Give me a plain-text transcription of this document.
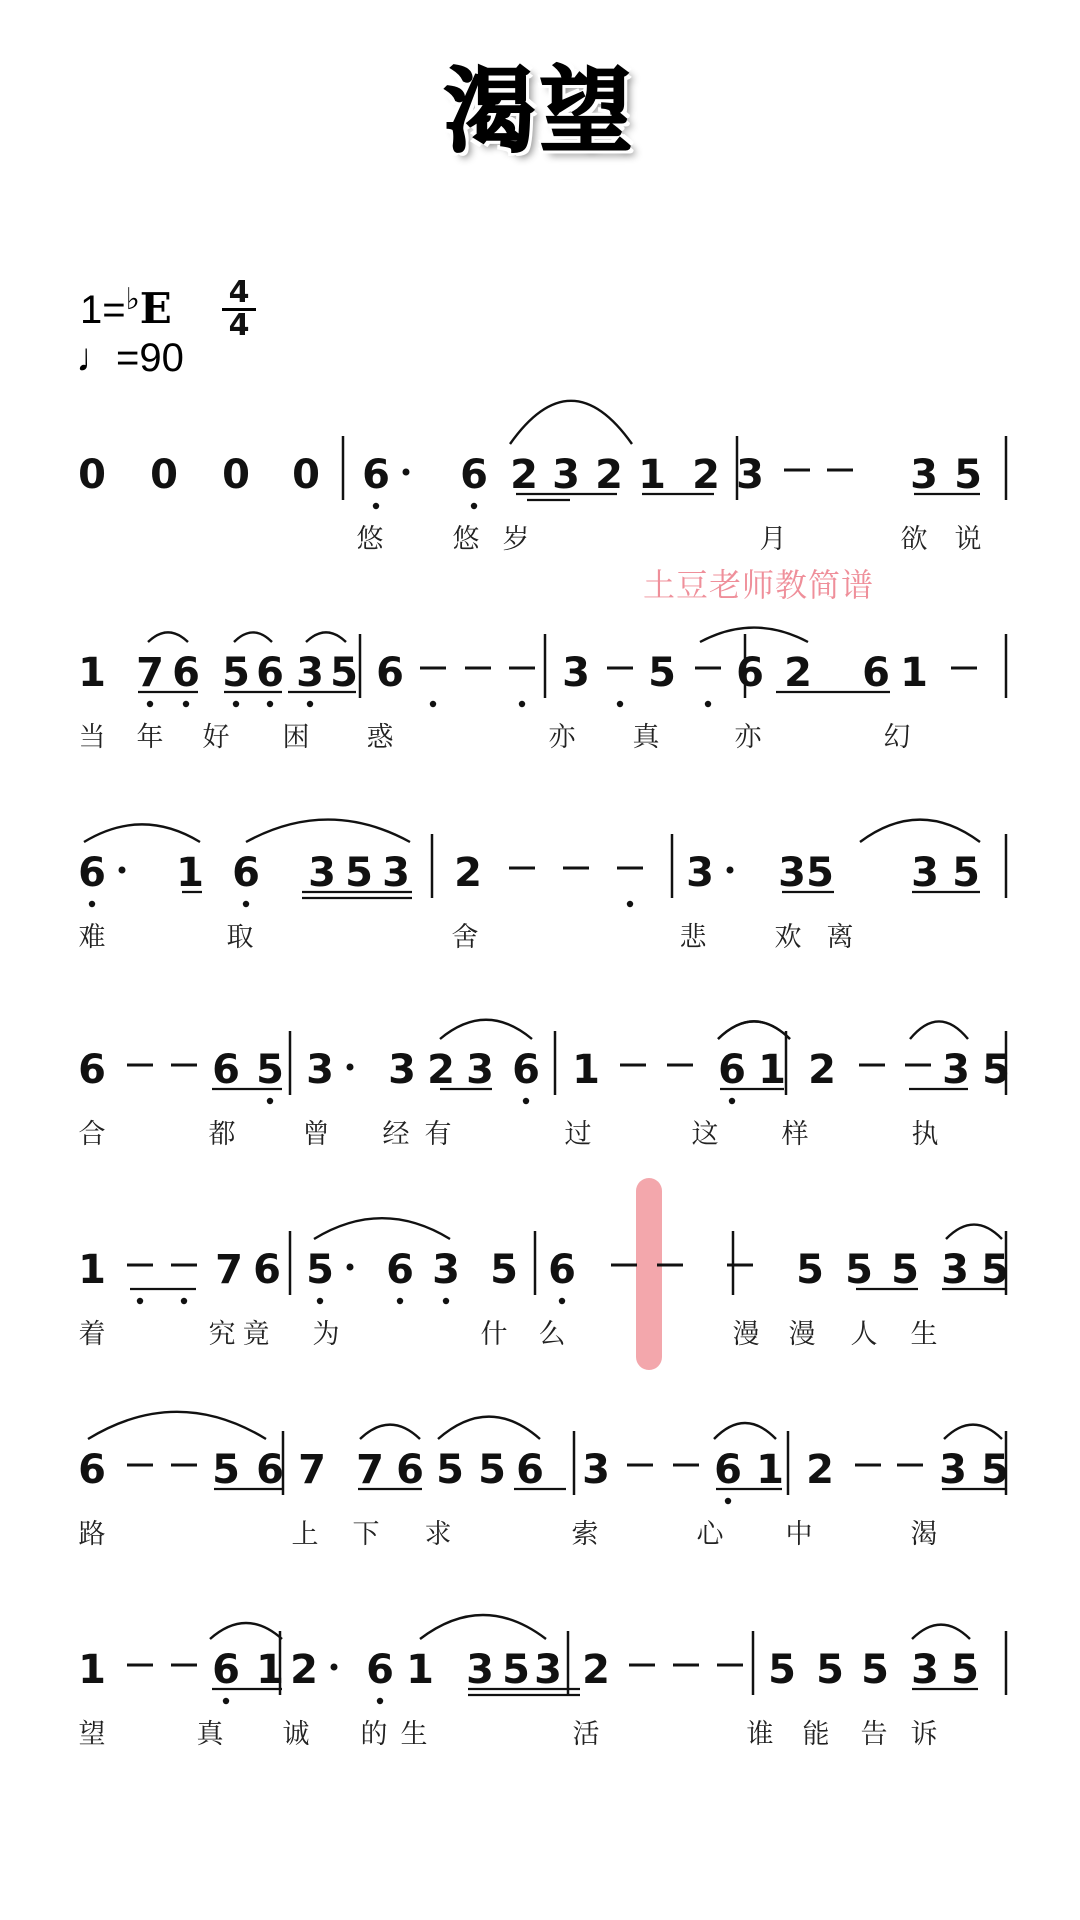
渴望
1=♭E 4
4
♩=90
土豆老师教简谱
0 0 0 0 6 6 2 3 2 1 2 3	3 5
悠	悠 岁	月	欲 说
1 7 6 5 6 3 5 6	3 5 6 2 6 1
当 年 好 困 惑	亦 真	亦	幻
6 1 6 3 5 3 2	3 3 5 3 5
难	取	舍	悲	欢 离
6	6 5 3 3 2 3 6 1	6 1 2	3 5
合	都 曾 经 有	过	这 样	执
1	7 6 5 6 3 5 6	5 5 5 3 5
着	究 竟 为	什 么	漫 漫 人 生
6	5 6 7 7 6 5 5 6 3	6 1 2	3 5
路	上 下 求	索	心 中	渴
1	6 1 2 6 1 3 5 3 2	5 5 5 3 5
望	真 诚 的 生	活	谁 能 告 诉
